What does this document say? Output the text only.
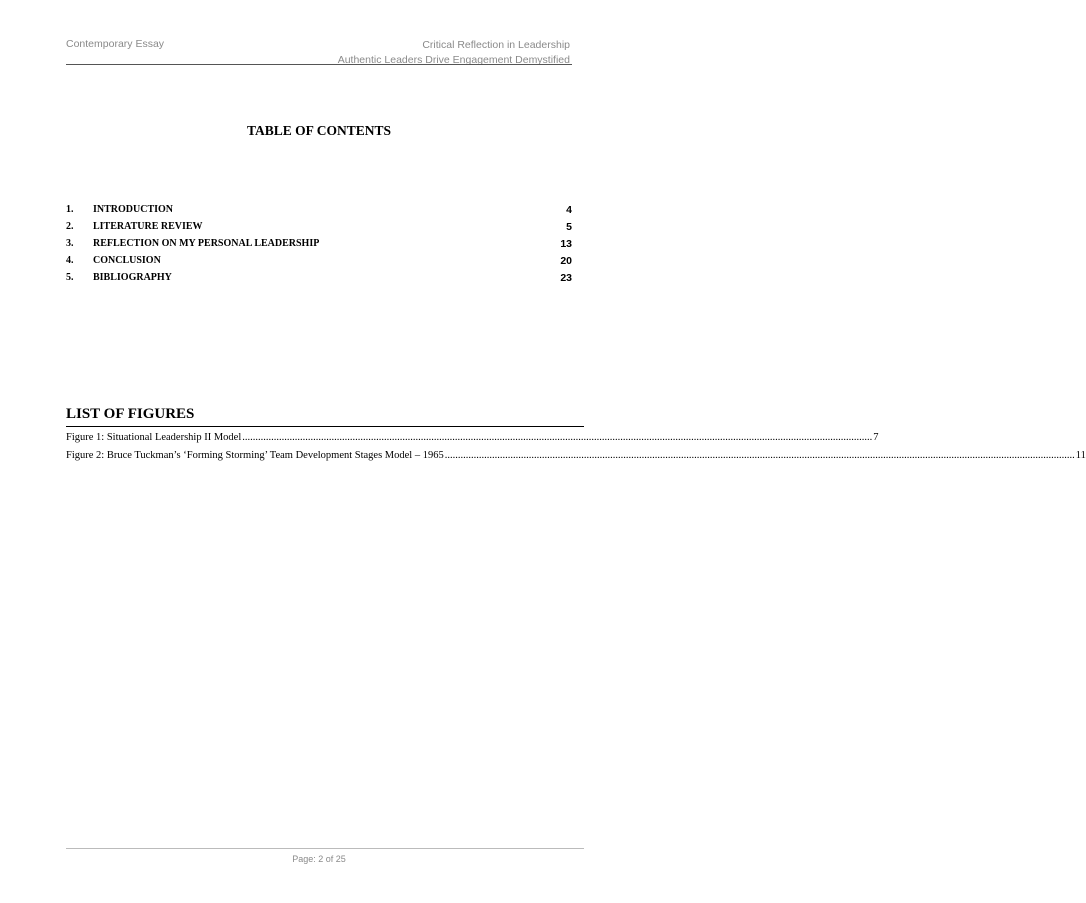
Contemporary Essay	Critical Reflection in Leadership
Authentic Leaders Drive Engagement Demystified
TABLE OF CONTENTS
1. INTRODUCTION	4
2. LITERATURE REVIEW	5
3. REFLECTION ON MY PERSONAL LEADERSHIP	13
4. CONCLUSION	20
5. BIBLIOGRAPHY	23
LIST OF FIGURES
Figure 1: Situational Leadership II Model ................................................................................................................................................................................................................................................ 7
Figure 2: Bruce Tuckman’s ‘Forming Storming’ Team Development Stages Model – 1965 ................................................................................................................................................................................................................................................ 11
Page: 2 of 25
